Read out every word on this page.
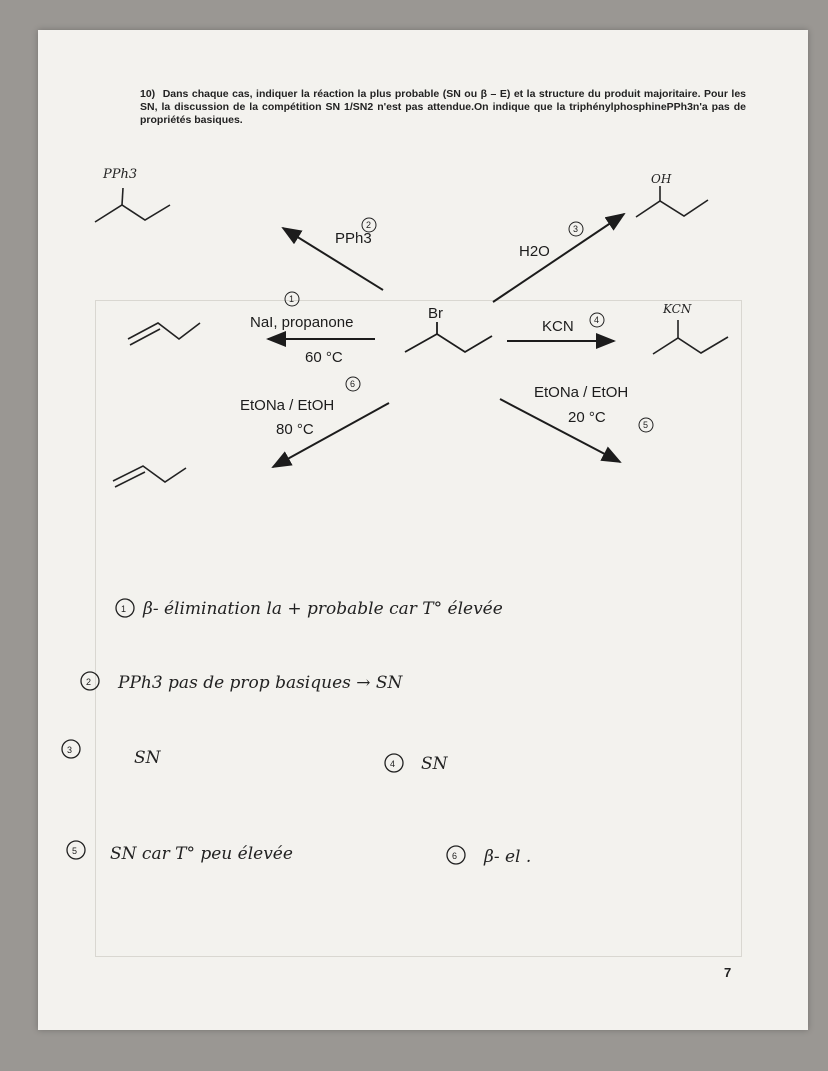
10) Dans chaque cas, indiquer la réaction la plus probable (SN ou β – E) et la structure du produit majoritaire. Pour les SN, la discussion de la compétition SN 1/SN2 n'est pas attendue.On indique que la triphénylphosphinePPh3n'a pas de propriétés basiques.
Br
PPh3
H2O
NaI, propanone
60 °C
KCN
EtONa / EtOH
80 °C
EtONa / EtOH
20 °C
2	3
1
4
6
5
PPh3	OH
KCN
1 β- élimination la + probable car T° élevée
2 PPh3 pas de prop basiques → SN
3	SN	4 SN
5 SN car T° peu élevée	6 β- el .
7
